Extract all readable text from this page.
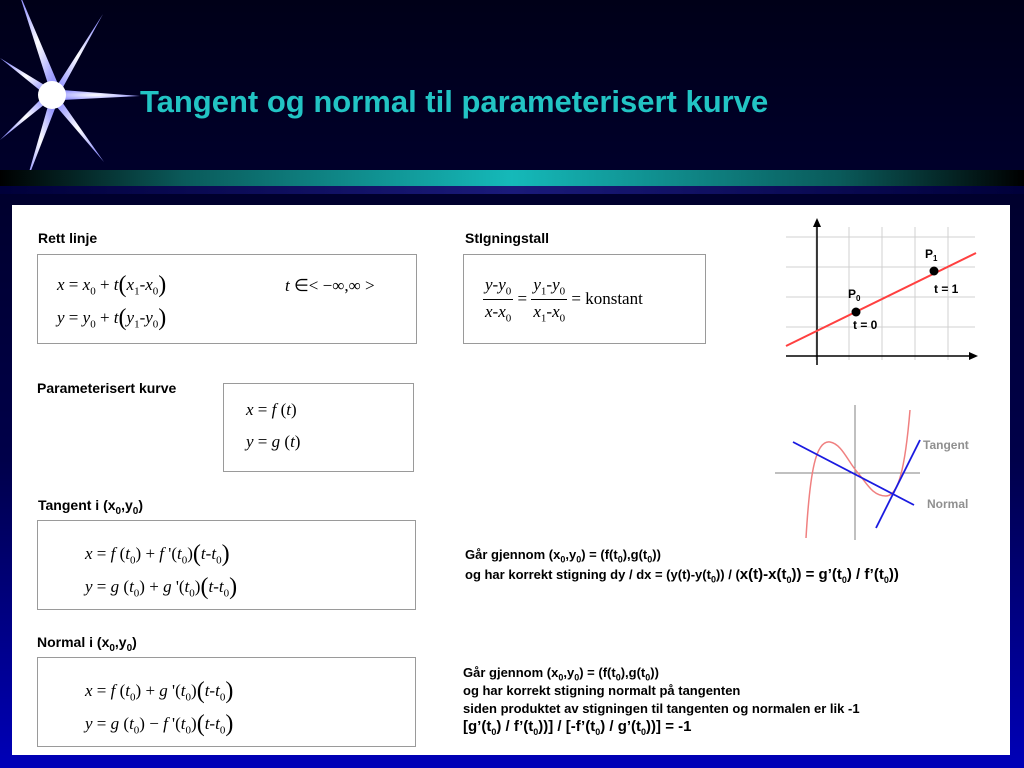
Tangent og normal til parameterisert kurve
Rett linje
$x = x_0 + t(x_1-x_0)$
$y = y_0 + t(y_1-y_0)$
t ∈< −∞,∞ >
StIgningstall
$\frac{y-y_0}{x-x_0} = \frac{y_1-y_0}{x_1-x_0}$ = konstant
Parameterisert kurve
x = f (t)
y = g (t)
Tangent i $(x_0,y_0)$
x = f $(t_0) + f$ '$(t_0)(t-t_0)$
y = g $(t_0) + g$ '$(t_0)(t-t_0)$
Normal i $(x_0,y_0)$
x = f $(t_0) + g$ '$(t_0)(t-t_0)$
y = g $(t_0) - f$ '$(t_0)(t-t_0)$
Går gjennom $(x_0,y_0) = (f(t_0),g(t_0))$
og har korrekt stigning dy / dx = $(y(t)-y(t_0)) / (x(t)-x(t_0))$ = $g’(t_0)$ / $f’(t_0)$)
Går gjennom $(x_0,y_0) = (f(t_0),g(t_0))$
og har korrekt stigning normalt på tangenten
siden produktet av stigningen til tangenten og normalen er lik -1
[$g’(t_0)$ / $f’(t_0)$)] / [$-f’(t_0)$ / $g’(t_0))] = -1$
$P_0$
$P_1$
t = 1
t = 0
Tangent
Normal
